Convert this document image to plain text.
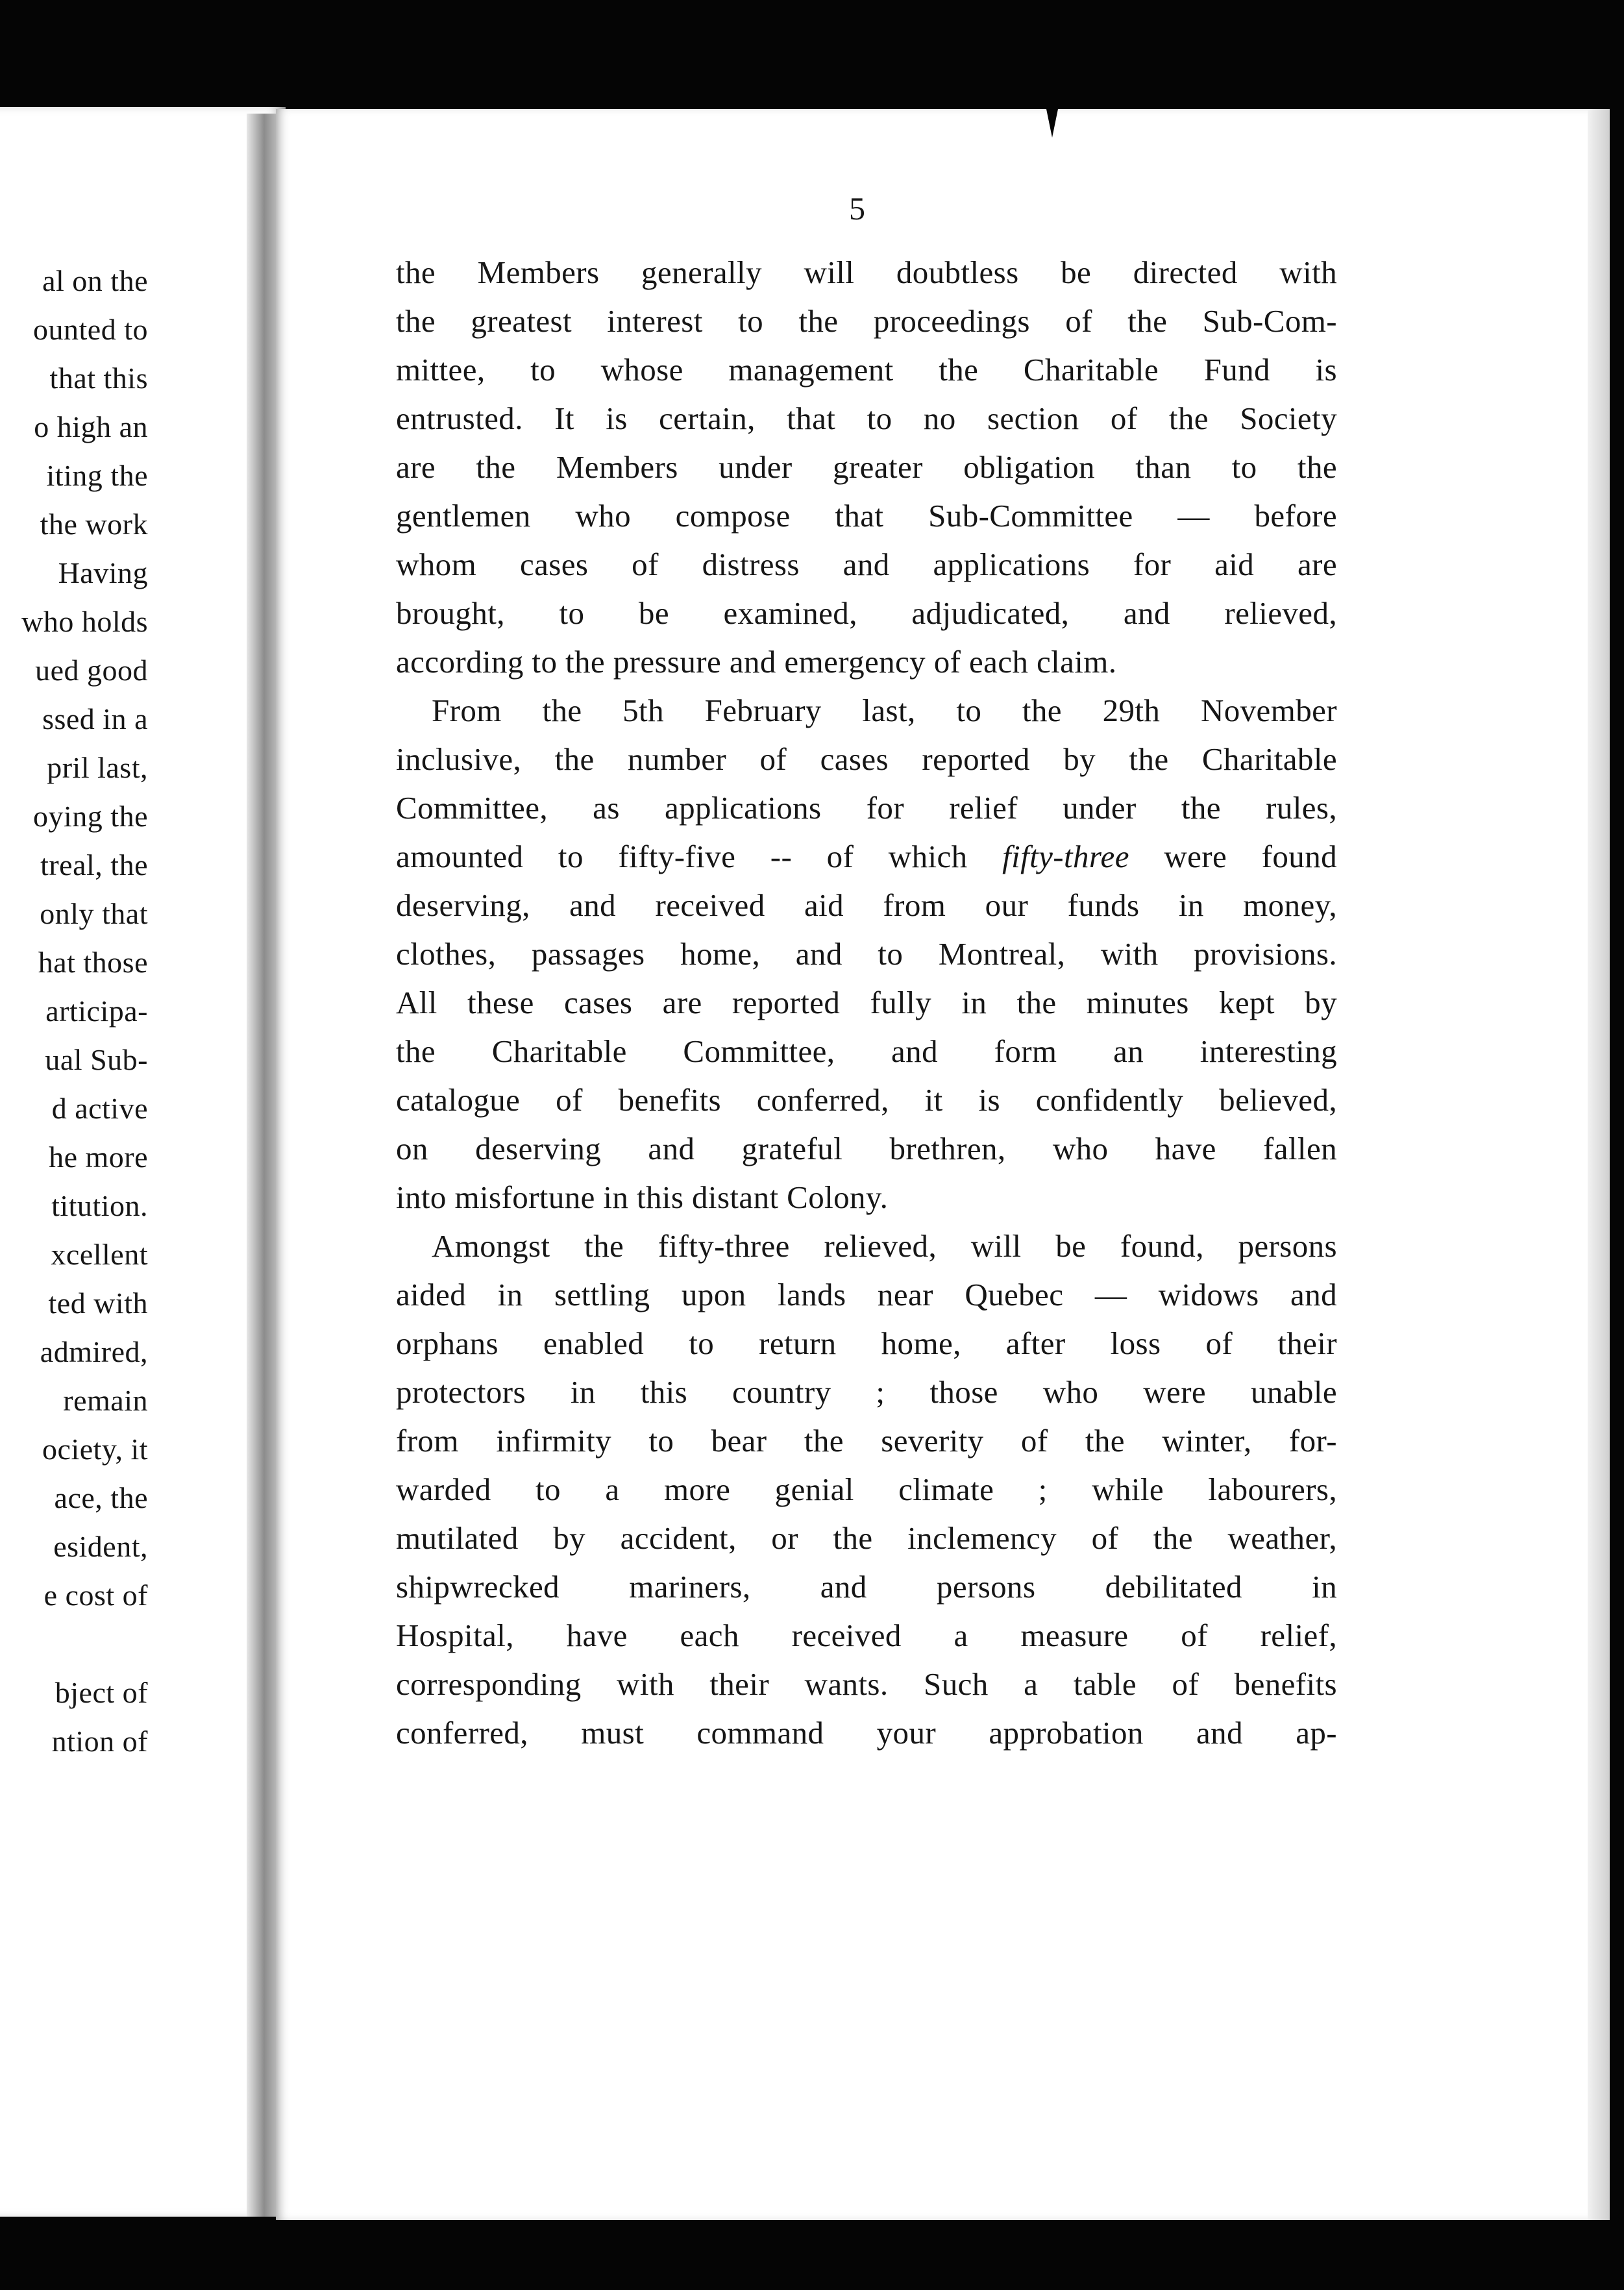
al on the
ounted to
that this
o high an
iting the
the work
Having
who holds
ued good
ssed in a
pril last,
oying the
treal, the
only that
hat those
articipa-
ual Sub-
d active
he more
titution.
xcellent
ted with
admired,
remain
ociety, it
ace, the
esident,
e cost of
bject of
ntion of
5
the Members generally will doubtless be directed with
the greatest interest to the proceedings of the Sub-Com-
mittee, to whose management the Charitable Fund is
entrusted. It is certain, that to no section of the Society
are the Members under greater obligation than to the
gentlemen who compose that Sub-Committee — before
whom cases of distress and applications for aid are
brought, to be examined, adjudicated, and relieved,
according to the pressure and emergency of each claim.
From the 5th February last, to the 29th November
inclusive, the number of cases reported by the Charitable
Committee, as applications for relief under the rules,
amounted to fifty-five -- of which fifty-three were found
deserving, and received aid from our funds in money,
clothes, passages home, and to Montreal, with provisions.
All these cases are reported fully in the minutes kept by
the Charitable Committee, and form an interesting
catalogue of benefits conferred, it is confidently believed,
on deserving and grateful brethren, who have fallen
into misfortune in this distant Colony.
Amongst the fifty-three relieved, will be found, persons
aided in settling upon lands near Quebec — widows and
orphans enabled to return home, after loss of their
protectors in this country ; those who were unable
from infirmity to bear the severity of the winter, for-
warded to a more genial climate ; while labourers,
mutilated by accident, or the inclemency of the weather,
shipwrecked mariners, and persons debilitated in
Hospital, have each received a measure of relief,
corresponding with their wants. Such a table of benefits
conferred, must command your approbation and ap-
